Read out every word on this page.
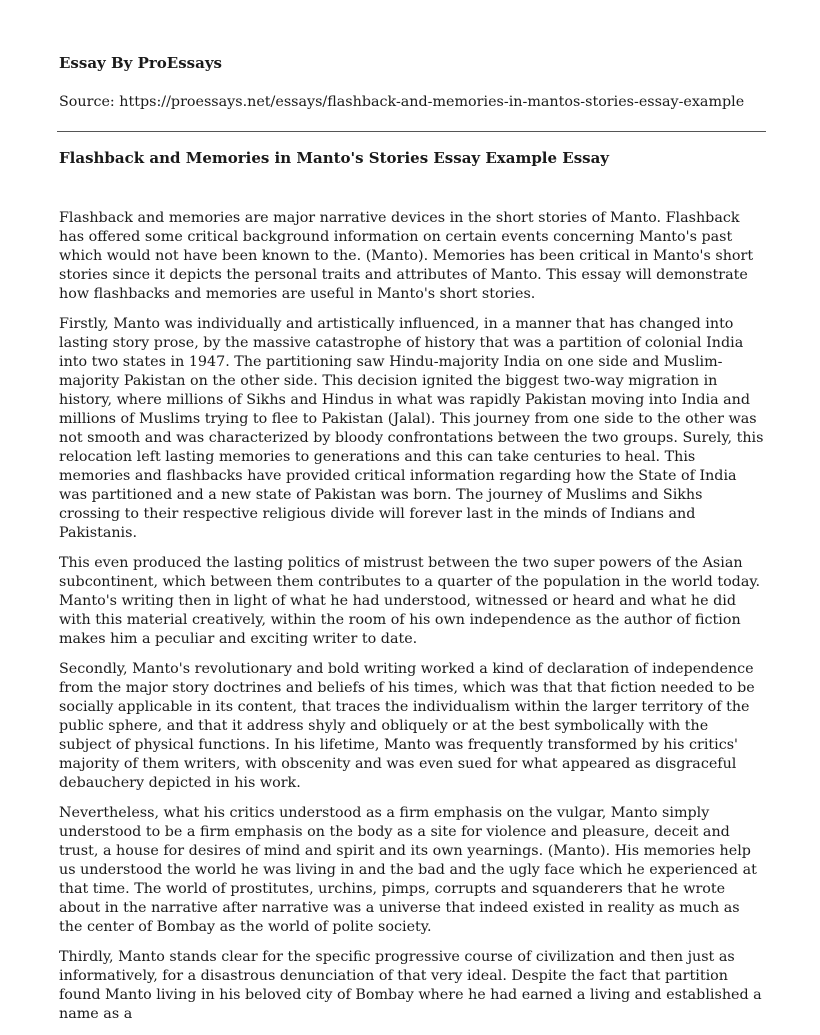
Essay By ProEssays

Source: https://proessays.net/essays/flashback-and-memories-in-mantos-stories-essay-example

Flashback and Memories in Manto's Stories Essay Example Essay

Flashback and memories are major narrative devices in the short stories of Manto. Flashback has offered some critical background information on certain events concerning Manto's past which would not have been known to the. (Manto). Memories has been critical in Manto's short stories since it depicts the personal traits and attributes of Manto. This essay will demonstrate how flashbacks and memories are useful in Manto's short stories.

Firstly, Manto was individually and artistically influenced, in a manner that has changed into lasting story prose, by the massive catastrophe of history that was a partition of colonial India into two states in 1947. The partitioning saw Hindu-majority India on one side and Muslim-majority Pakistan on the other side. This decision ignited the biggest two-way migration in history, where millions of Sikhs and Hindus in what was rapidly Pakistan moving into India and millions of Muslims trying to flee to Pakistan (Jalal). This journey from one side to the other was not smooth and was characterized by bloody confrontations between the two groups. Surely, this relocation left lasting memories to generations and this can take centuries to heal. This memories and flashbacks have provided critical information regarding how the State of India was partitioned and a new state of Pakistan was born. The journey of Muslims and Sikhs crossing to their respective religious divide will forever last in the minds of Indians and Pakistanis.

This even produced the lasting politics of mistrust between the two super powers of the Asian subcontinent, which between them contributes to a quarter of the population in the world today. Manto's writing then in light of what he had understood, witnessed or heard and what he did with this material creatively, within the room of his own independence as the author of fiction makes him a peculiar and exciting writer to date.

Secondly, Manto's revolutionary and bold writing worked a kind of declaration of independence from the major story doctrines and beliefs of his times, which was that that fiction needed to be socially applicable in its content, that traces the individualism within the larger territory of the public sphere, and that it address shyly and obliquely or at the best symbolically with the subject of physical functions. In his lifetime, Manto was frequently transformed by his critics' majority of them writers, with obscenity and was even sued for what appeared as disgraceful debauchery depicted in his work.

Nevertheless, what his critics understood as a firm emphasis on the vulgar, Manto simply understood to be a firm emphasis on the body as a site for violence and pleasure, deceit and trust, a house for desires of mind and spirit and its own yearnings. (Manto). His memories help us understood the world he was living in and the bad and the ugly face which he experienced at that time. The world of prostitutes, urchins, pimps, corrupts and squanderers that he wrote about in the narrative after narrative was a universe that indeed existed in reality as much as the center of Bombay as the world of polite society.

Thirdly, Manto stands clear for the specific progressive course of civilization and then just as informatively, for a disastrous denunciation of that very ideal. Despite the fact that partition found Manto living in his beloved city of Bombay where he had earned a living and established a name as a
